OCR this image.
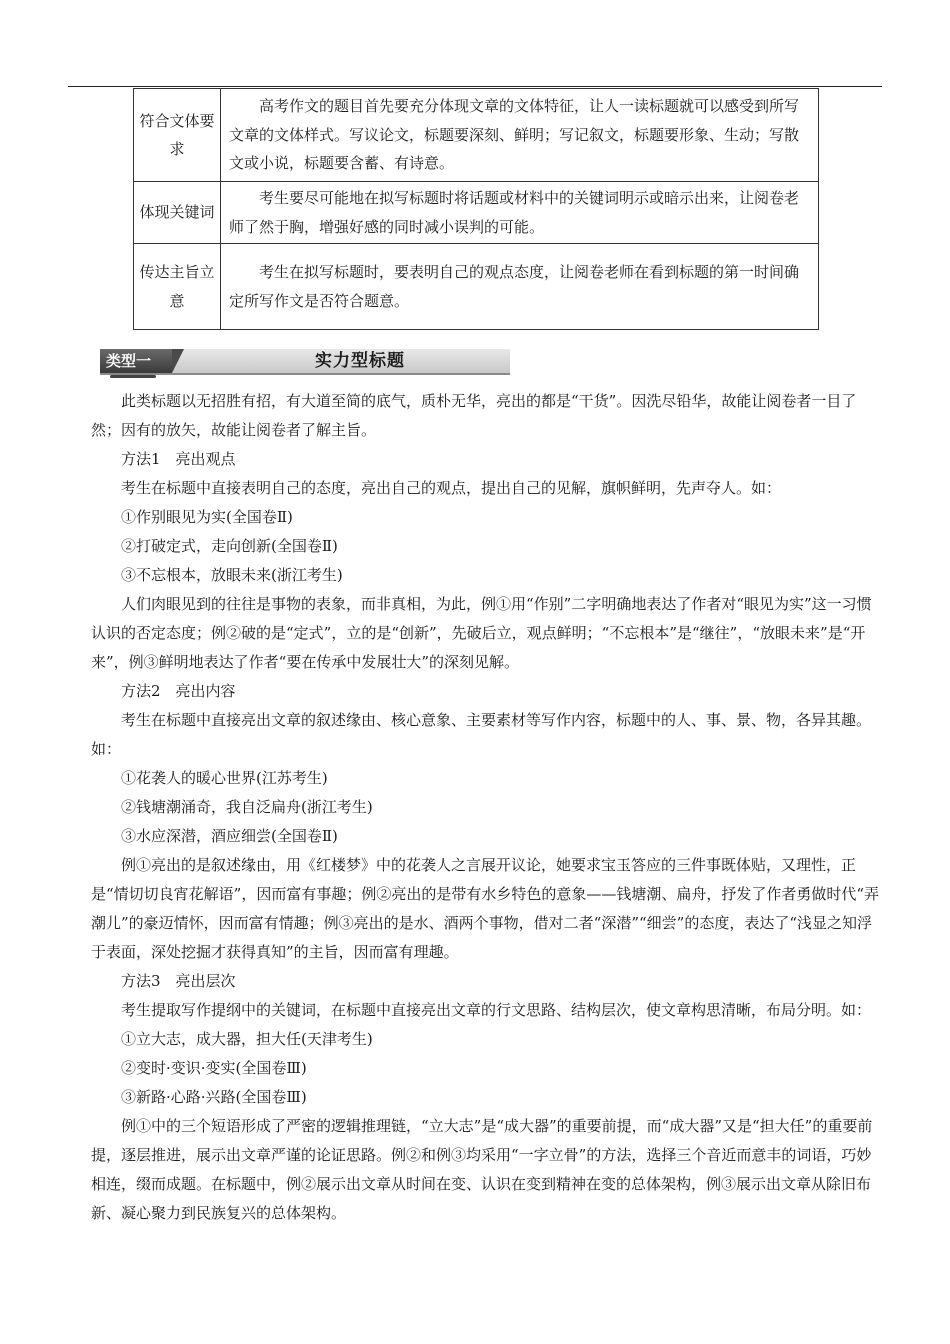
符合文体要求	高考作文的题目首先要充分体现文章的文体特征，让人一读标题就可以感受到所写文章的文体样式。写议论文，标题要深刻、鲜明；写记叙文，标题要形象、生动；写散文或小说，标题要含蓄、有诗意。
体现关键词	考生要尽可能地在拟写标题时将话题或材料中的关键词明示或暗示出来，让阅卷老师了然于胸，增强好感的同时减小误判的可能。
传达主旨立意	考生在拟写标题时，要表明自己的观点态度，让阅卷老师在看到标题的第一时间确定所写作文是否符合题意。
类型一	实力型标题

此类标题以无招胜有招，有大道至简的底气，质朴无华，亮出的都是“干货”。因洗尽铅华，故能让阅卷者一目了然；因有的放矢，故能让阅卷者了解主旨。

方法1　亮出观点

考生在标题中直接表明自己的态度，亮出自己的观点，提出自己的见解，旗帜鲜明，先声夺人。如：

①作别眼见为实(全国卷Ⅱ)

②打破定式，走向创新(全国卷Ⅱ)

③不忘根本，放眼未来(浙江考生)

人们肉眼见到的往往是事物的表象，而非真相，为此，例①用“作别”二字明确地表达了作者对“眼见为实”这一习惯认识的否定态度；例②破的是“定式”，立的是“创新”，先破后立，观点鲜明；“不忘根本”是“继往”，“放眼未来”是“开来”，例③鲜明地表达了作者“要在传承中发展壮大”的深刻见解。

方法2　亮出内容

考生在标题中直接亮出文章的叙述缘由、核心意象、主要素材等写作内容，标题中的人、事、景、物，各异其趣。如：

①花袭人的暖心世界(江苏考生)

②钱塘潮涌奇，我自泛扁舟(浙江考生)

③水应深潜，酒应细尝(全国卷Ⅱ)

例①亮出的是叙述缘由，用《红楼梦》中的花袭人之言展开议论，她要求宝玉答应的三件事既体贴，又理性，正是“情切切良宵花解语”，因而富有事趣；例②亮出的是带有水乡特色的意象——钱塘潮、扁舟，抒发了作者勇做时代“弄潮儿”的豪迈情怀，因而富有情趣；例③亮出的是水、酒两个事物，借对二者“深潜”“细尝”的态度，表达了“浅显之知浮于表面，深处挖掘才获得真知”的主旨，因而富有理趣。

方法3　亮出层次

考生提取写作提纲中的关键词，在标题中直接亮出文章的行文思路、结构层次，使文章构思清晰，布局分明。如：

①立大志，成大器，担大任(天津考生)

②变时·变识·变实(全国卷Ⅲ)

③新路·心路·兴路(全国卷Ⅲ)

例①中的三个短语形成了严密的逻辑推理链，“立大志”是“成大器”的重要前提，而“成大器”又是“担大任”的重要前提，逐层推进，展示出文章严谨的论证思路。例②和例③均采用“一字立骨”的方法，选择三个音近而意丰的词语，巧妙相连，缀而成题。在标题中，例②展示出文章从时间在变、认识在变到精神在变的总体架构，例③展示出文章从除旧布新、凝心聚力到民族复兴的总体架构。
